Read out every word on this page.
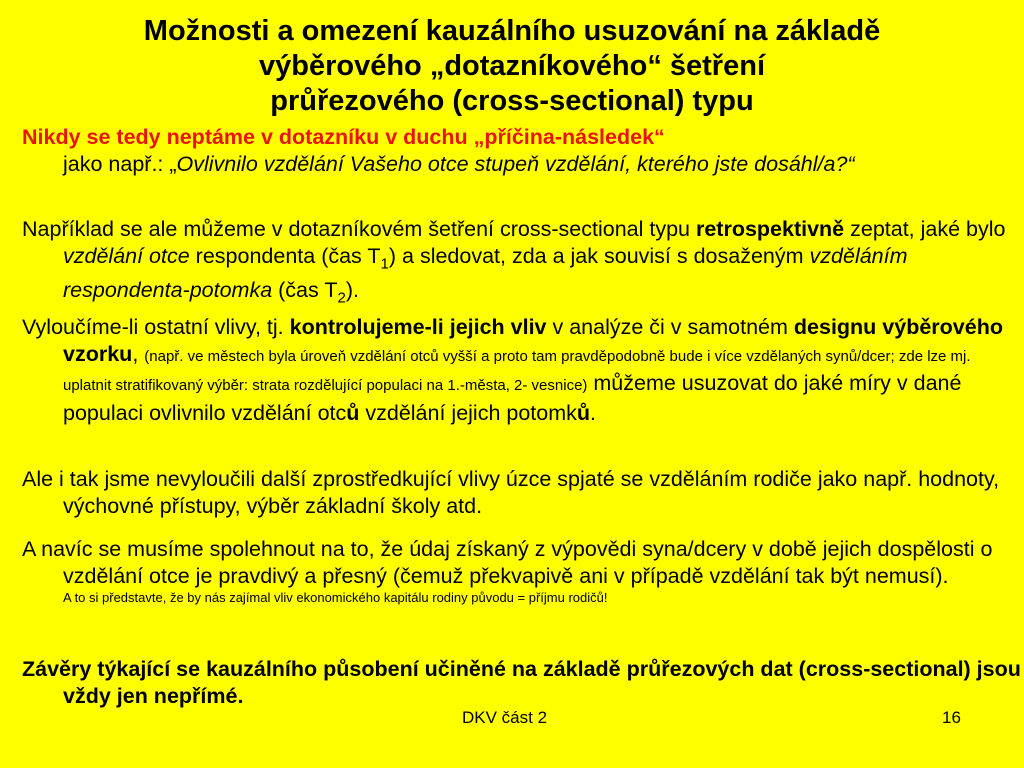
Možnosti a omezení kauzálního usuzování na základě
výběrového „dotazníkového“ šetření
průřezového (cross-sectional) typu

Nikdy se tedy neptáme v dotazníku v duchu „příčina-následek“
jako např.: „Ovlivnilo vzdělání Vašeho otce stupeň vzdělání, kterého jste dosáhl/a?“

Například se ale můžeme v dotazníkovém šetření cross-sectional typu retrospektivně zeptat, jaké bylo vzdělání otce respondenta (čas $T_1$) a sledovat, zda a jak souvisí s dosaženým vzděláním respondenta-potomka (čas $T_2$).

Vyloučíme-li ostatní vlivy, tj. kontrolujeme-li jejich vliv v analýze či v samotném designu výběrového vzorku, (např. ve městech byla úroveň vzdělání otců vyšší a proto tam pravděpodobně bude i více vzdělaných synů/dcer; zde lze mj. uplatnit stratifikovaný výběr: strata rozdělující populaci na 1.-města, 2- vesnice) můžeme usuzovat do jaké míry v dané populaci ovlivnilo vzdělání otců vzdělání jejich potomků.

Ale i tak jsme nevyloučili další zprostředkující vlivy úzce spjaté se vzděláním rodiče jako např. hodnoty, výchovné přístupy, výběr základní školy atd.

A navíc se musíme spolehnout na to, že údaj získaný z výpovědi syna/dcery v době jejich dospělosti o vzdělání otce je pravdivý a přesný (čemuž překvapivě ani v případě vzdělání tak být nemusí).
A to si představte, že by nás zajímal vliv ekonomického kapitálu rodiny původu = příjmu rodičů!

Závěry týkající se kauzálního působení učiněné na základě průřezových dat (cross-sectional) jsou vždy jen nepřímé.

DKV část 2	16
